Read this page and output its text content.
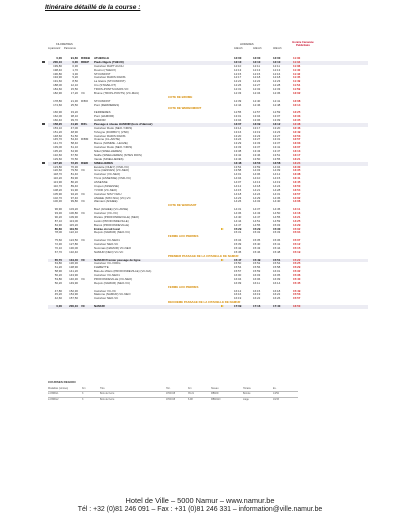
Itinéraire détaillé de la course :
KILOMETRES
A parcourir Parcourus
HORAIRES
44km/h	42km/h	40km/h
Horaire Caravane Publicitaire
0,00	91,60 R/DEB ATHERLLE	12:00	12:00	12:00	11:30
200,10	0,00 RDEP Pieds Nigels (THEUX)	12:10	12:10	12:10	11:34
199,80	0,30	Carrefour RAPT AUCH	12:10	12:11	12:11	11:36
198,40	1,70	Dourroi (THEUX)	12:13	12:13	12:13	11:40
196,80	3,30	STOUMONT	12:15	12:15	12:16	11:42
194,90	5,20	Carrefour RADIS RADIS	12:17	12:18	12:18	11:45
191,60	8,50	La Gleize (STOUMONT)	12:22	12:22	12:23	11:49
188,00	12,10	Cro (STAVELOT)	12:26	12:27	12:28	11:54
184,60	15,50	TROIS-PONTS RADIS VO	12:31	12:32	12:33	11:59
182,90	17,20 VC	Brume (TROIS-PONTS) (VC-MAU)	12:33	12:34	12:36	12:02
COTE DE BRUME
178,80	21,30 R/BO STOUMONT	12:39	12:40	12:41	12:08
174,60	25,50	Pont (FERRIERES)	12:44	12:46	12:48	12:14
COTE DE WERBOMONT
166,90	33,20	FERRIERES	12:55	12:57	12:59	12:25
162,00	38,10	Pont (HAMOIR)	13:01	13:04	13:07	12:33
160,40	39,70	HAMOIR	13:04	13:06	13:09	12:35
158,20	41,90 R/FL Passage à niveau HAMOIR (bois d'Hamoir)	13:07	13:09	13:12	12:38
153,10	47,00	Carrefour Rodo (NEO / NIDS)	13:14	13:17	13:20	12:46
151,20	48,90	Tohogne (DURBUY) (VSD)	13:16	13:19	13:23	12:49
148,60	51,50	Carrefour RADIS RADIS	13:20	13:23	13:27	12:53
145,70	54,40 R/BM Oxanne (CL-AINTE)	13:24	13:27	13:31	12:57
141,70	58,40	Bonce (SOMME - LEUZE)	13:29	13:33	13:37	13:03
139,00	61,10	Carrefour Rodo (NEO / NIDS)	13:33	13:37	13:41	13:07
135,20	64,90	Nittel (SINELLIERES)	13:38	13:43	13:47	13:13
132,60	67,50	Natife (SINELLIERES) (SITES ROIS)	13:42	13:46	13:51	13:17
129,60	70,50	Vande (SINELLIERES)	13:46	13:50	13:55	13:21
127,90	72,20 R/BD SINELLIERES	13:48	13:53	13:58	13:24
123,80	76,30	Evelette (OHEY) (VSD-VC)	13:54	13:59	14:04	13:30
120,60	79,50 VC	Grne (GESVES) (VC-NEO)	13:58	14:03	14:09	13:35
118,70	81,40	Carrefour (VC-NEO)	14:01	14:06	14:12	13:38
116,20	83,90	Tricot (ASSESSE) (VSD-VC)	14:04	14:10	14:15	13:41
113,90	86,20	ASSESSE	14:07	14:13	14:19	13:45
110,70	89,40	Crupet (ASSESSE)	14:12	14:18	14:24	13:50
108,20	91,90	YVOIR (VC-NEO)	14:15	14:21	14:28	13:54
105,90	94,20 VC	Carrefour NISY NIAU	14:18	14:24	14:31	13:57
102,70	97,40	ANHÉE (NISY-NIA) (VC)-VC	14:23	14:29	14:36	14:02
100,30	99,80 VC	Warnant (ANHEE)	14:26	14:32	14:40	14:06
COTE DE WARNANT
96,90	103,20	Bouf (ANHEE) (VC-ANSE)	14:31	14:37	14:45	14:11
93,30	106,80 VC	Carrefour (VC-VC)	14:36	14:43	14:50	14:16
90,20	109,90	Rivière (PROFONDEVILLE) (NEO)	14:40	14:47	14:55	14:21
87,10	113,00	Lustin (PROFONDEVILLE)	14:44	14:51	14:59	14:25
84,90	115,20	Boncé (PROFONDEVILLE)	14:47	14:55	15:03	14:29
80,60	119,50	Entrée circuit local	15:29	15:29	15:30	15:02
78,00	122,10	Reçoix (NAMUR) (NEO-VC)	15:31	15:32	15:33	15:04
FERME AUX PIERRES
75,60	124,50 VC	Carrefour VC-NEO1	15:34	15:35	15:36	15:07
72,30	127,80	Carrefour NEO-VC	15:39	15:40	15:41	15:12
70,10	130,00	Nommas (NAMUR) VC-NEO	15:42	15:43	15:44	15:15
67,70	132,40	NAMUR (NEO) VC-VC	15:45	15:46	15:48	15:19
PREMIER PASSAGE DE LA CITADELLE DE NAMUR
65,70	134,40 VC	NAMUR Premier passage de ligne	15:47	15:49	15:51	15:22
63,80	136,30	Carrefour VC-VOD/s	15:50	15:52	15:54	15:25
61,20	138,90	FLEBETTE	15:54	15:56	15:58	15:29
58,90	141,20	Bois-de-Villers (PROFONDEVILLE) (VC-NA)	15:57	15:59	16:01	15:32
56,20	143,90	Carrefour VC-NEO1	16:00	16:03	16:05	15:36
53,80	146,30 VC	PROFONDEVILLE (VC-NEO)	16:04	16:06	16:09	15:40
50,20	149,90	Reçoix (NAMUR) (NEO-VC)	16:09	16:11	16:14	15:45
FERME AUX PIERRES
47,80	152,30	Carrefour VC-VC	16:12	16:15	16:18	15:49
45,20	154,90	Malonne (NAMUR) VC-NEO	16:16	16:19	16:22	15:53
42,60	157,50	Carrefour NEO-VC	16:19	16:22	16:26	15:57
DEUXIEME PASSAGE DE LA CITADELLE DE NAMUR
0,00	200,10 VC	NAMUR	17:09	17:16	17:40	16:50
COURSES REGION
Modalités (Limites)	Km	Titre	Hor.	Km	Niveau	Horaire	Ex.
L4 BRIG1	3	Bois de Ferré	1H00:08	35.21	RBNID	Bonnié	13/52
L4 BRIG2	3	Bois de Ferré	1H00:08	6.98	RBNIGN	Liège	16/33
Hotel de Ville – 5000 Namur – www.namur.be
Tél : +32 (0)81 246 091 – Fax : +31 (0)81 246 331 – information@ville.namur.be
